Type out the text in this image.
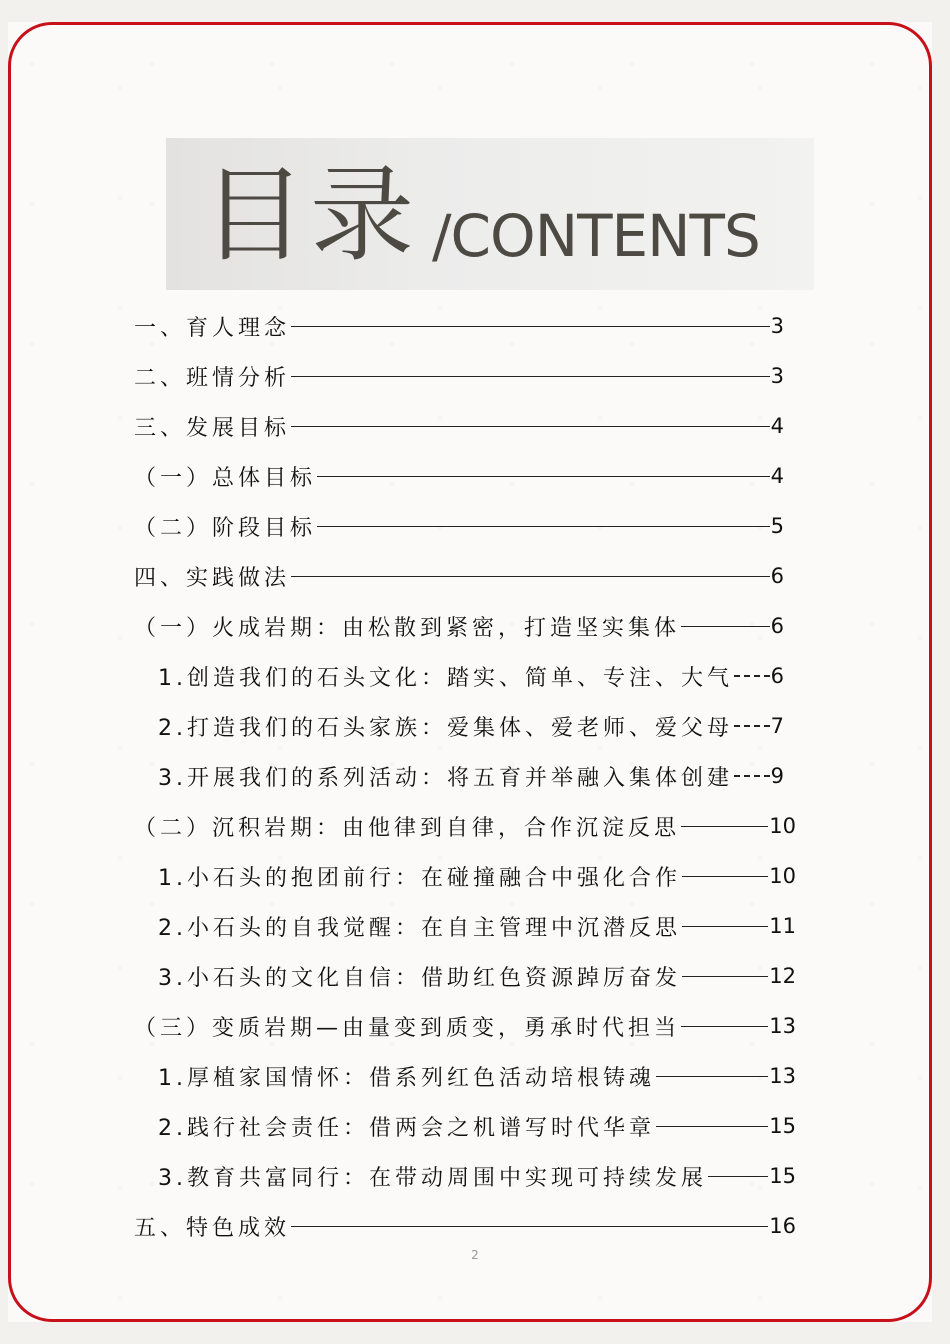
目录 /CONTENTS
一、育人理念	3
二、班情分析	3
三、发展目标	4
（一）总体目标	4
（二）阶段目标	5
四、实践做法	6
（一）火成岩期：由松散到紧密，打造坚实集体	6
1.创造我们的石头文化：踏实、简单、专注、大气 6
2.打造我们的石头家族：爱集体、爱老师、爱父母 7
3.开展我们的系列活动：将五育并举融入集体创建 9
（二）沉积岩期：由他律到自律，合作沉淀反思	10
1.小石头的抱团前行：在碰撞融合中强化合作	10
2.小石头的自我觉醒：在自主管理中沉潜反思	11
3.小石头的文化自信：借助红色资源踔厉奋发	12
（三）变质岩期—由量变到质变，勇承时代担当	13
1.厚植家国情怀：借系列红色活动培根铸魂	13
2.践行社会责任：借两会之机谱写时代华章	15
3.教育共富同行：在带动周围中实现可持续发展	15
五、特色成效	16
2
